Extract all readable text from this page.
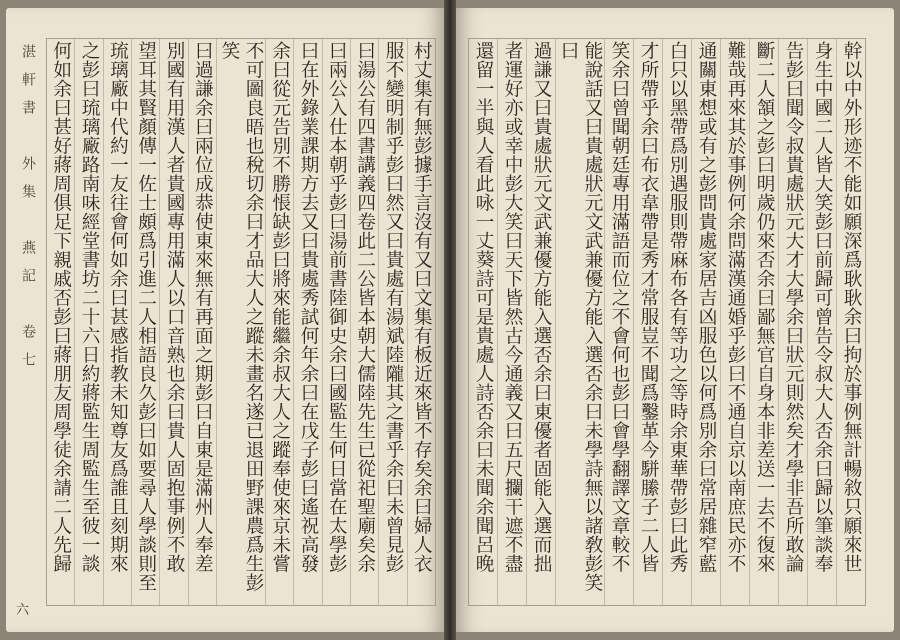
村丈集有無彭據手言沒有又曰文集有板近來皆不存矣余曰婦人衣
服不變明制乎彭曰然又曰貴處有湯斌陸隴其之書乎余曰未曾見彭
曰湯公有四書講義四卷此二公皆本朝大儒陸先生已從祀聖廟矣余
曰兩公入仕本朝乎彭曰湯前書陸御史余曰國監生何日當在太學彭
曰在外錄業課期方去又曰貴處秀試何年余曰在戊子彭曰遙祝高發
余曰從元告別不勝悵缺彭曰將來能繼余叔大人之蹤奉使來京未嘗
不可圖良晤也稅切余曰才品大人之蹤未畫名遂已退田野課農爲生彭笑
曰過謙余曰兩位成恭使東來無有再面之期彭曰自東是滿州人奉差
別國有用漢人者貴國專用滿人以口音熟也余曰貴人固抱事例不敢
望耳其賢顏傳一佐士頗爲引進二人相語良久彭曰如要尋人學談則至
琉璃廠中代約一友往會何如余曰甚感指教未知尊友爲誰且刻期來
之彭曰琉璃廠路南味經堂書坊二十六日約蔣監生周監生至彼一談
何如余曰甚好蔣周俱足下親戚否彭曰蔣朋友周學徒余請二人先歸
湛軒書　外集　燕記　卷七
六
幹以中外形迹不能如願深爲耿耿余曰拘於事例無計暢敘只願來世
身生中國二人皆大笑彭曰前歸可曾告令叔大人否余曰歸以筆談奉
告彭曰聞令叔貴處狀元大才大學余曰狀元則然矣才學非吾所敢論
斷二人頷之彭曰明歲仍來否余曰鄙無官自身本非差送一去不復來
難哉再來其於事例何余問滿漢通婚乎彭曰不通自京以南庶民亦不
通關東想或有之彭問貴處家居吉凶服色以何爲別余曰常居雜窄藍
白只以黑帶爲別遇服則帶麻布各有等功之等時余東華帶彭曰此秀
才所帶乎余曰布衣韋帶是秀才常服豈不聞爲鑿革今駢縢子二人皆
笑余曰曾聞朝廷專用滿語而位之不會何也彭曰會學翻譯文章較不
能說話又曰貴處狀元文武兼優方能入選否余曰未學詩無以諸敎彭笑曰
過謙又曰貴處狀元文武兼優方能入選否余曰東優者固能入選而拙
者運好亦或幸中彭大笑曰天下皆然古今通義又曰五尺攔干遮不盡
還留一半與人看此咏一丈葵詩可是貴處人詩否余曰未聞余聞呂晚
